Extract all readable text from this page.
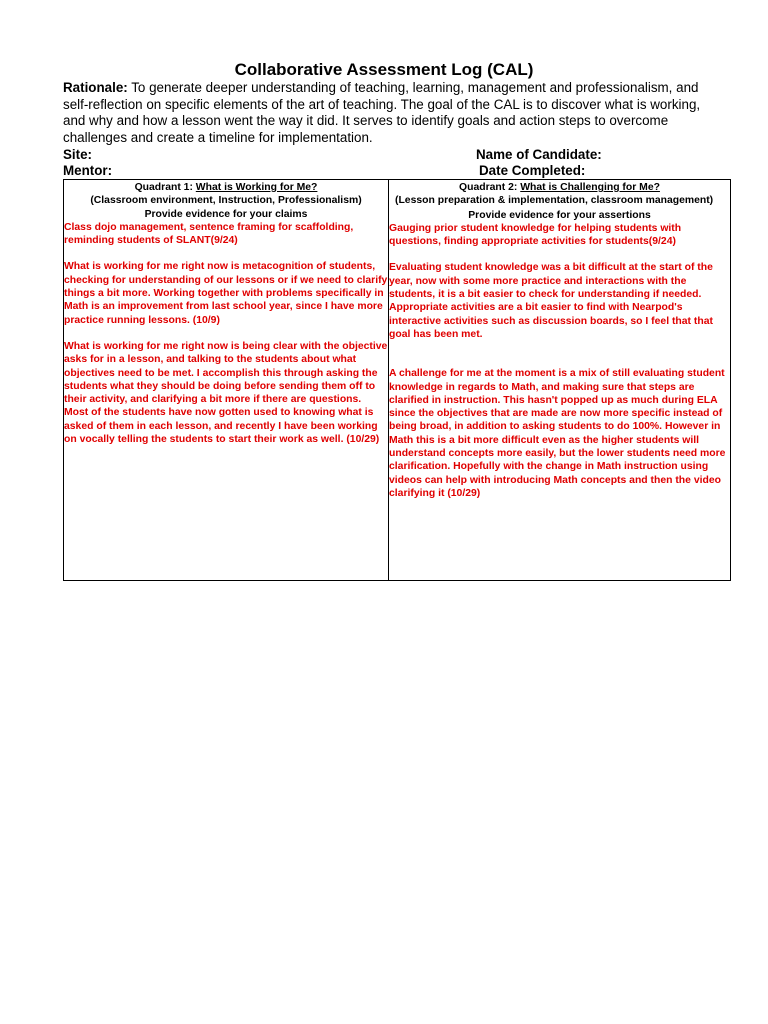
Collaborative Assessment Log (CAL)
Rationale: To generate deeper understanding of teaching, learning, management and professionalism, and self-reflection on specific elements of the art of teaching. The goal of the CAL is to discover what is working, and why and how a lesson went the way it did. It serves to identify goals and action steps to overcome challenges and create a timeline for implementation.
Site:
Mentor:
Name of Candidate:
Date Completed:
Quadrant 1: What is Working for Me?
(Classroom environment, Instruction, Professionalism)
Provide evidence for your claims

Class dojo management, sentence framing for scaffolding, reminding students of SLANT(9/24)

What is working for me right now is metacognition of students, checking for understanding of our lessons or if we need to clarify things a bit more. Working together with problems specifically in Math is an improvement from last school year, since I have more practice running lessons. (10/9)

What is working for me right now is being clear with the objective asks for in a lesson, and talking to the students about what objectives need to be met. I accomplish this through asking the students what they should be doing before sending them off to their activity, and clarifying a bit more if there are questions. Most of the students have now gotten used to knowing what is asked of them in each lesson, and recently I have been working on vocally telling the students to start their work as well. (10/29)

Quadrant 2: What is Challenging for Me?
(Lesson preparation & implementation, classroom management)
Provide evidence for your assertions

Gauging prior student knowledge for helping students with questions, finding appropriate activities for students(9/24)

Evaluating student knowledge was a bit difficult at the start of the year, now with some more practice and interactions with the students, it is a bit easier to check for understanding if needed. Appropriate activities are a bit easier to find with Nearpod's interactive activities such as discussion boards, so I feel that that goal has been met.

A challenge for me at the moment is a mix of still evaluating student knowledge in regards to Math, and making sure that steps are clarified in instruction. This hasn't popped up as much during ELA since the objectives that are made are now more specific instead of being broad, in addition to asking students to do 100%. However in Math this is a bit more difficult even as the higher students will understand concepts more easily, but the lower students need more clarification. Hopefully with the change in Math instruction using videos can help with introducing Math concepts and then the video clarifying it (10/29)
